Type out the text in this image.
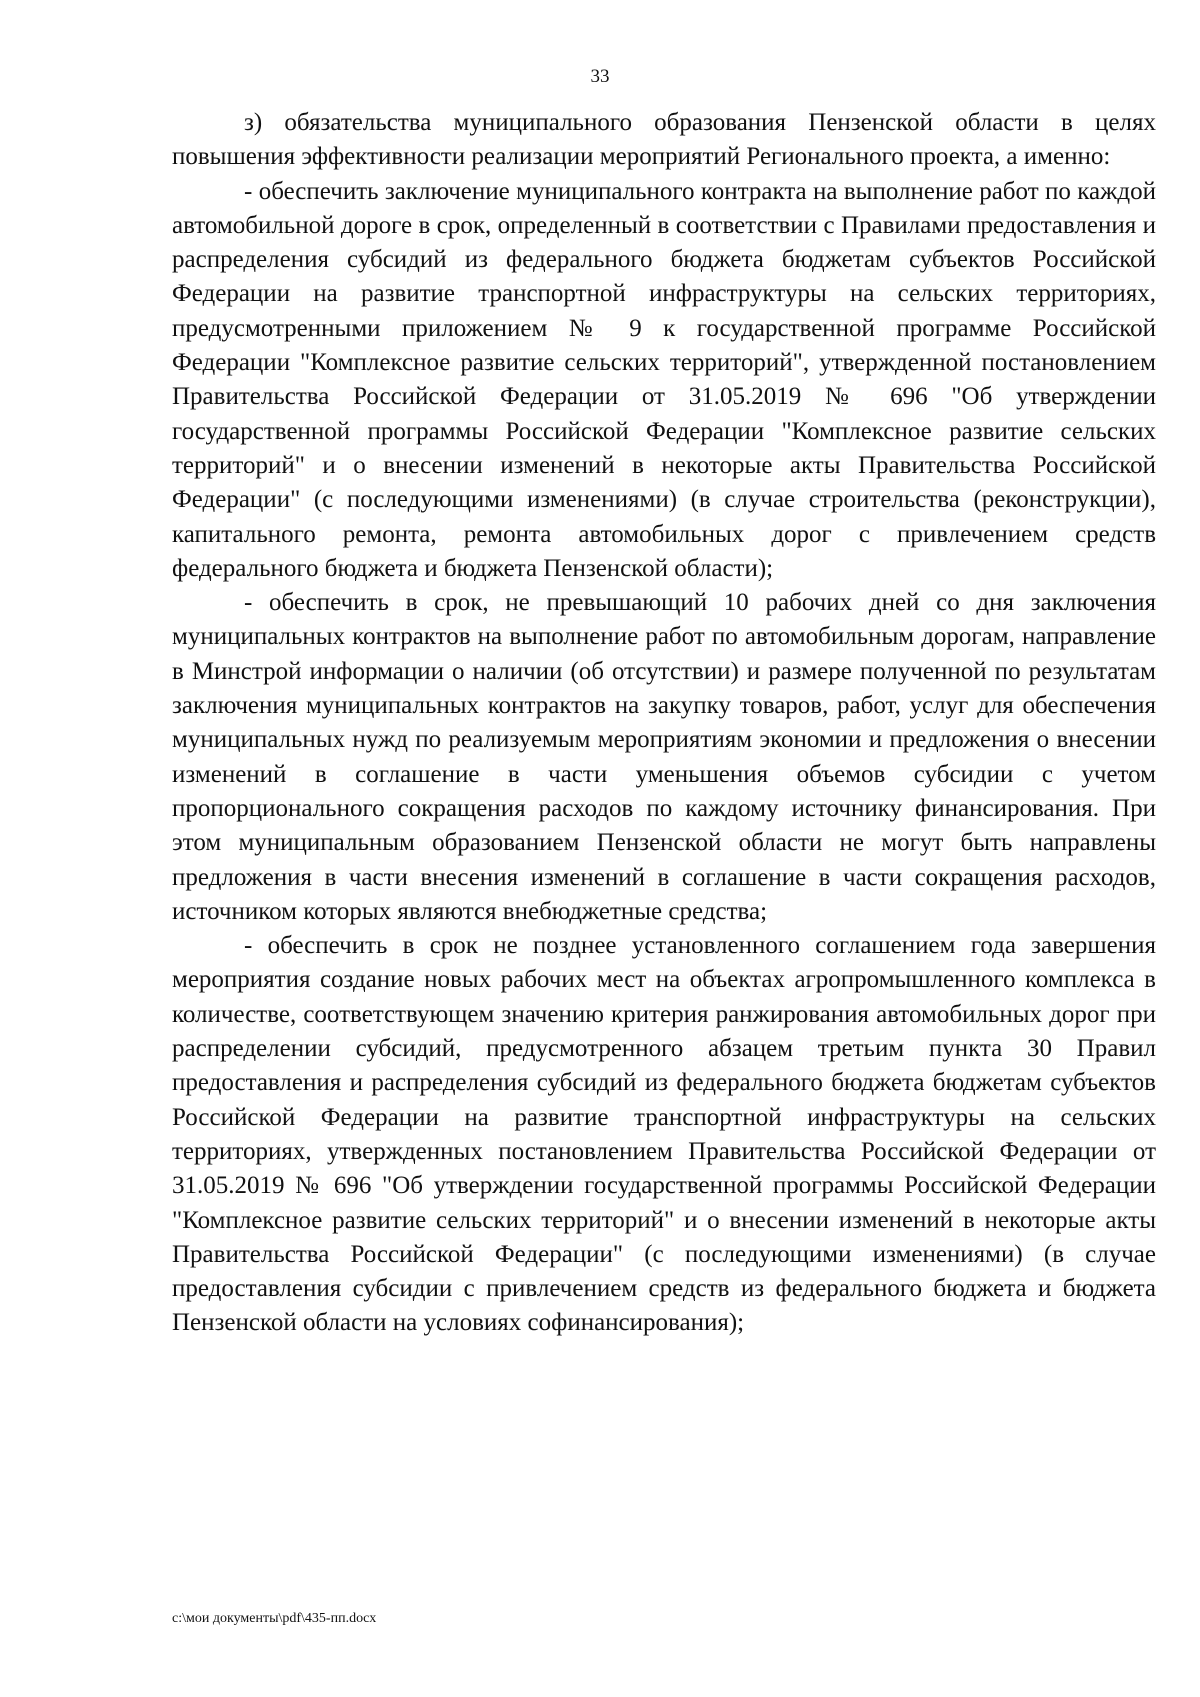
33

з) обязательства муниципального образования Пензенской области в целях повышения эффективности реализации мероприятий Регионального проекта, а именно:

- обеспечить заключение муниципального контракта на выполнение работ по каждой автомобильной дороге в срок, определенный в соответствии с Правилами предоставления и распределения субсидий из федерального бюджета бюджетам субъектов Российской Федерации на развитие транспортной инфраструктуры на сельских территориях, предусмотренными приложением № 9 к государственной программе Российской Федерации "Комплексное развитие сельских территорий", утвержденной постановлением Правительства Российской Федерации от 31.05.2019 № 696 "Об утверждении государственной программы Российской Федерации "Комплексное развитие сельских территорий" и о внесении изменений в некоторые акты Правительства Российской Федерации" (с последующими изменениями) (в случае строительства (реконструкции), капитального ремонта, ремонта автомобильных дорог с привлечением средств федерального бюджета и бюджета Пензенской области);

- обеспечить в срок, не превышающий 10 рабочих дней со дня заключения муниципальных контрактов на выполнение работ по автомобильным дорогам, направление в Минстрой информации о наличии (об отсутствии) и размере полученной по результатам заключения муниципальных контрактов на закупку товаров, работ, услуг для обеспечения муниципальных нужд по реализуемым мероприятиям экономии и предложения о внесении изменений в соглашение в части уменьшения объемов субсидии с учетом пропорционального сокращения расходов по каждому источнику финансирования. При этом муниципальным образованием Пензенской области не могут быть направлены предложения в части внесения изменений в соглашение в части сокращения расходов, источником которых являются внебюджетные средства;

- обеспечить в срок не позднее установленного соглашением года завершения мероприятия создание новых рабочих мест на объектах агропромышленного комплекса в количестве, соответствующем значению критерия ранжирования автомобильных дорог при распределении субсидий, предусмотренного абзацем третьим пункта 30 Правил предоставления и распределения субсидий из федерального бюджета бюджетам субъектов Российской Федерации на развитие транспортной инфраструктуры на сельских территориях, утвержденных постановлением Правительства Российской Федерации от 31.05.2019 № 696 "Об утверждении государственной программы Российской Федерации "Комплексное развитие сельских территорий" и о внесении изменений в некоторые акты Правительства Российской Федерации" (с последующими изменениями) (в случае предоставления субсидии с привлечением средств из федерального бюджета и бюджета Пензенской области на условиях софинансирования);

c:\мои документы\pdf\435-пп.docx
